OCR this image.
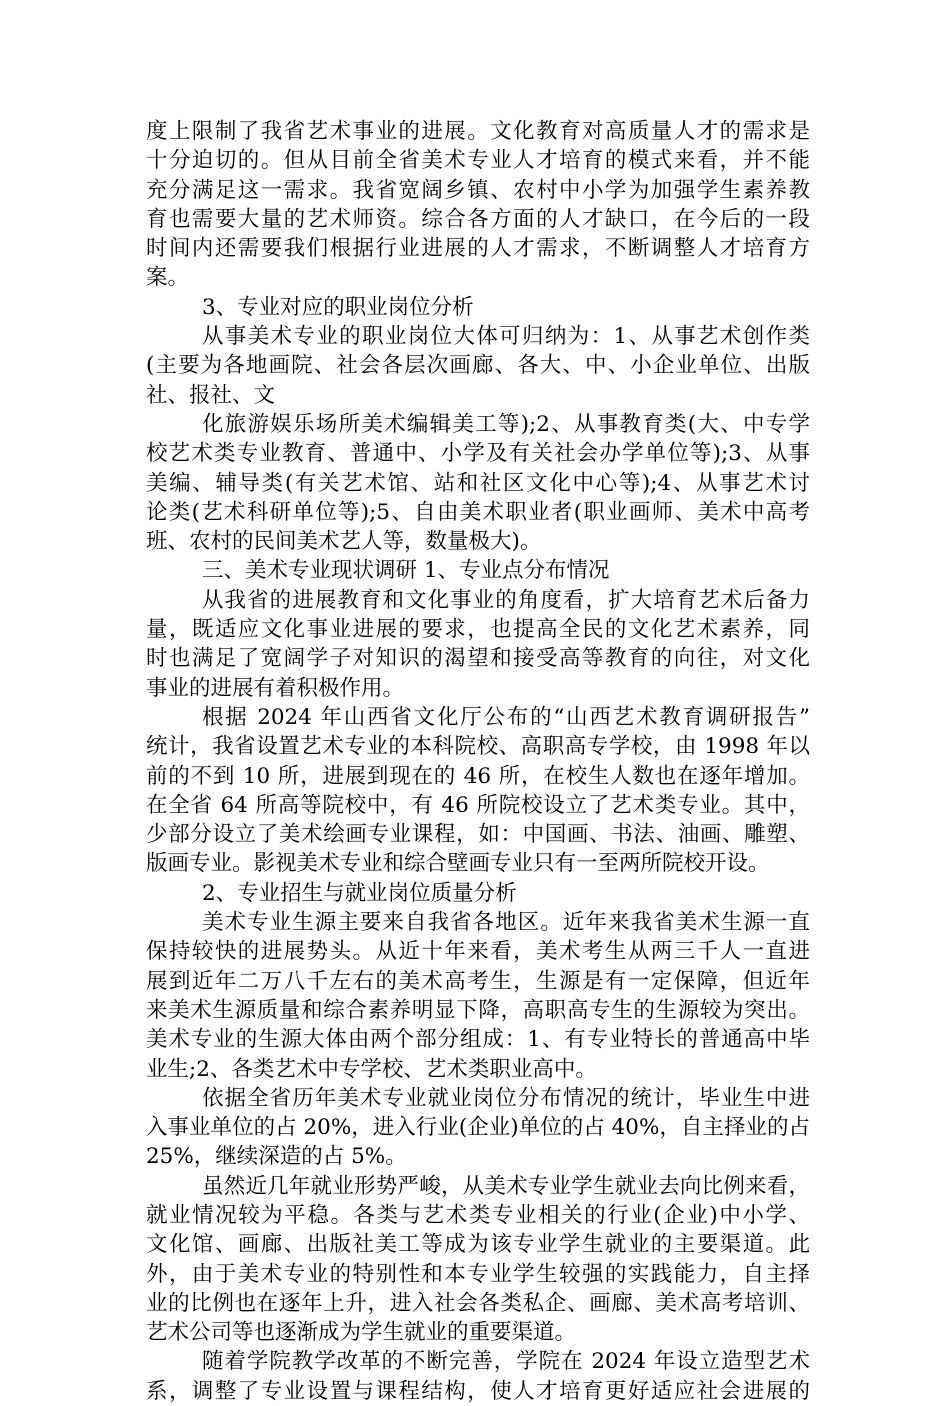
度上限制了我省艺术事业的进展。文化教育对高质量人才的需求是
十分迫切的。但从目前全省美术专业人才培育的模式来看，并不能
充分满足这一需求。我省宽阔乡镇、农村中小学为加强学生素养教
育也需要大量的艺术师资。综合各方面的人才缺口，在今后的一段
时间内还需要我们根据行业进展的人才需求，不断调整人才培育方
案。
3、专业对应的职业岗位分析
从事美术专业的职业岗位大体可归纳为：1、从事艺术创作类
(主要为各地画院、社会各层次画廊、各大、中、小企业单位、出版
社、报社、文
化旅游娱乐场所美术编辑美工等);2、从事教育类(大、中专学
校艺术类专业教育、普通中、小学及有关社会办学单位等);3、从事
美编、辅导类(有关艺术馆、站和社区文化中心等);4、从事艺术讨
论类(艺术科研单位等);5、自由美术职业者(职业画师、美术中高考
班、农村的民间美术艺人等，数量极大)。
三、美术专业现状调研 1、专业点分布情况
从我省的进展教育和文化事业的角度看，扩大培育艺术后备力
量，既适应文化事业进展的要求，也提高全民的文化艺术素养，同
时也满足了宽阔学子对知识的渴望和接受高等教育的向往，对文化
事业的进展有着积极作用。
根据 2024 年山西省文化厅公布的“山西艺术教育调研报告”
统计，我省设置艺术专业的本科院校、高职高专学校，由 1998 年以
前的不到 10 所，进展到现在的 46 所，在校生人数也在逐年增加。
在全省 64 所高等院校中，有 46 所院校设立了艺术类专业。其中，
少部分设立了美术绘画专业课程，如：中国画、书法、油画、雕塑、
版画专业。影视美术专业和综合壁画专业只有一至两所院校开设。
2、专业招生与就业岗位质量分析
美术专业生源主要来自我省各地区。近年来我省美术生源一直
保持较快的进展势头。从近十年来看，美术考生从两三千人一直进
展到近年二万八千左右的美术高考生，生源是有一定保障，但近年
来美术生源质量和综合素养明显下降，高职高专生的生源较为突出。
美术专业的生源大体由两个部分组成：1、有专业特长的普通高中毕
业生;2、各类艺术中专学校、艺术类职业高中。
依据全省历年美术专业就业岗位分布情况的统计，毕业生中进
入事业单位的占 20%，进入行业(企业)单位的占 40%，自主择业的占
25%，继续深造的占 5%。
虽然近几年就业形势严峻，从美术专业学生就业去向比例来看，
就业情况较为平稳。各类与艺术类专业相关的行业(企业)中小学、
文化馆、画廊、出版社美工等成为该专业学生就业的主要渠道。此
外，由于美术专业的特别性和本专业学生较强的实践能力，自主择
业的比例也在逐年上升，进入社会各类私企、画廊、美术高考培训、
艺术公司等也逐渐成为学生就业的重要渠道。
随着学院教学改革的不断完善，学院在 2024 年设立造型艺术
系，调整了专业设置与课程结构，使人才培育更好适应社会进展的
